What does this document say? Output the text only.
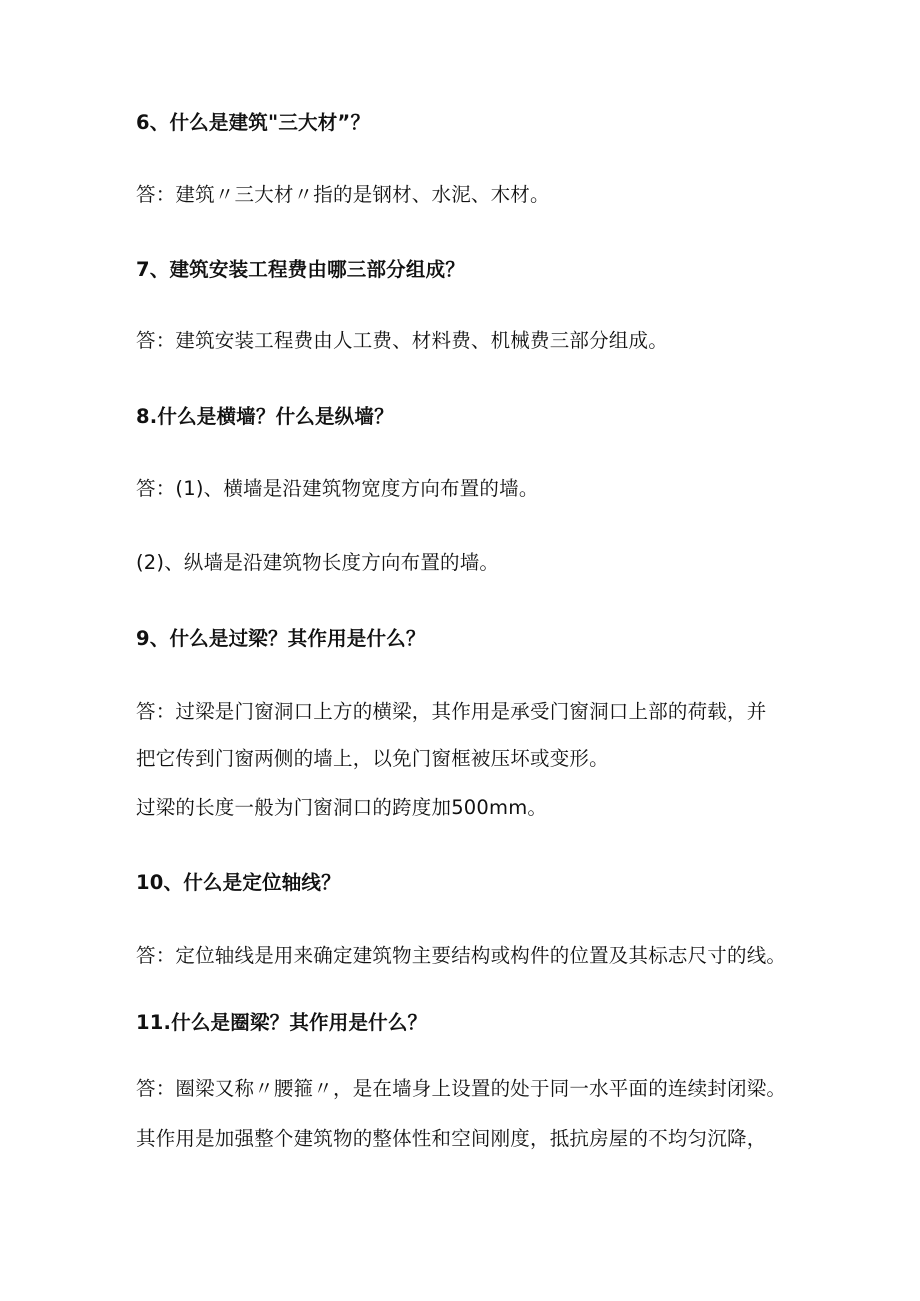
6、什么是建筑"三大材”？
答：建筑〃三大材〃指的是钢材、水泥、木材。
7、建筑安装工程费由哪三部分组成？
答：建筑安装工程费由人工费、材料费、机械费三部分组成。
8.什么是横墙？什么是纵墙？
答：(1)、横墙是沿建筑物宽度方向布置的墙。
(2)、纵墙是沿建筑物长度方向布置的墙。
9、什么是过梁？其作用是什么？
答：过梁是门窗洞口上方的横梁，其作用是承受门窗洞口上部的荷载，并
把它传到门窗两侧的墙上，以免门窗框被压坏或变形。
过梁的长度一般为门窗洞口的跨度加500mm。
10、什么是定位轴线？
答：定位轴线是用来确定建筑物主要结构或构件的位置及其标志尺寸的线。
11.什么是圈梁？其作用是什么？
答：圈梁又称〃腰箍〃，是在墙身上设置的处于同一水平面的连续封闭梁。
其作用是加强整个建筑物的整体性和空间刚度，抵抗房屋的不均匀沉降，
